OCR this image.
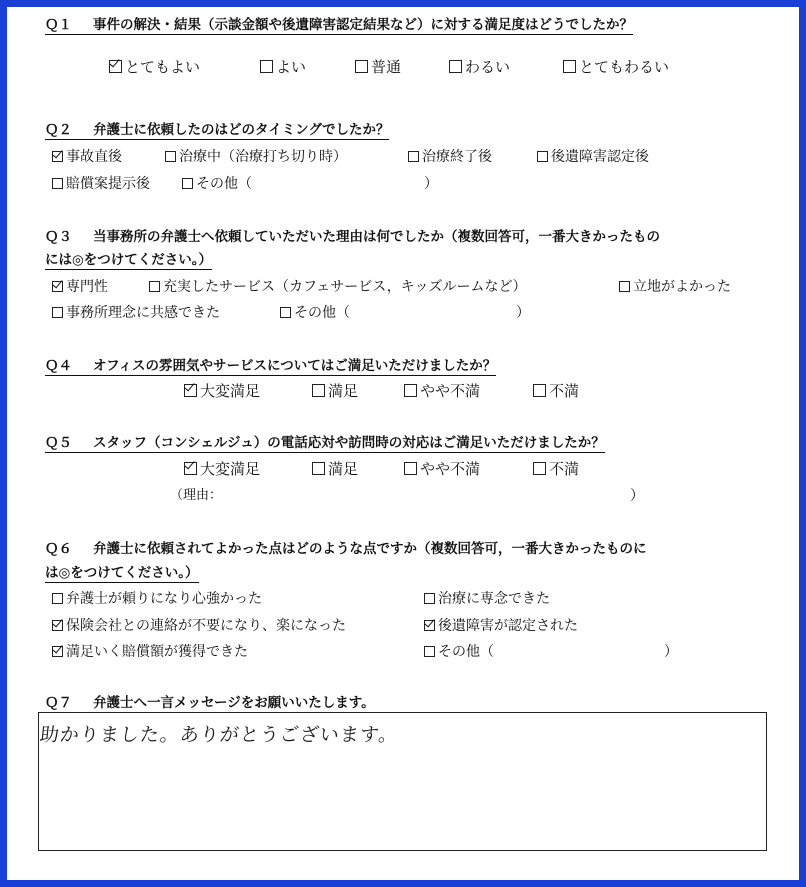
Ｑ１ 事件の解決・結果（示談金額や後遺障害認定結果など）に対する満足度はどうでしたか？
とてもよい	よい	普通	わるい	とてもわるい
Ｑ２ 弁護士に依頼したのはどのタイミングでしたか？
事故直後	治療中（治療打ち切り時）	治療終了後	後遺障害認定後
賠償案提示後	その他（	）
Ｑ３ 当事務所の弁護士へ依頼していただいた理由は何でしたか（複数回答可，一番大きかったもの
には◎をつけてください。）
専門性	充実したサービス（カフェサービス，キッズルームなど）	立地がよかった
事務所理念に共感できた	その他（	）
Ｑ４ オフィスの雰囲気やサービスについてはご満足いただけましたか？
大変満足	満足	やや不満	不満
Ｑ５ スタッフ（コンシェルジュ）の電話応対や訪問時の対応はご満足いただけましたか？
大変満足	満足	やや不満	不満
（理由：	）
Ｑ６ 弁護士に依頼されてよかった点はどのような点ですか（複数回答可，一番大きかったものに
は◎をつけてください。）
弁護士が頼りになり心強かった	治療に専念できた
保険会社との連絡が不要になり、楽になった	後遺障害が認定された
満足いく賠償額が獲得できた	その他（	）
Ｑ７ 弁護士へ一言メッセージをお願いいたします。
助かりました。ありがとうございます。
